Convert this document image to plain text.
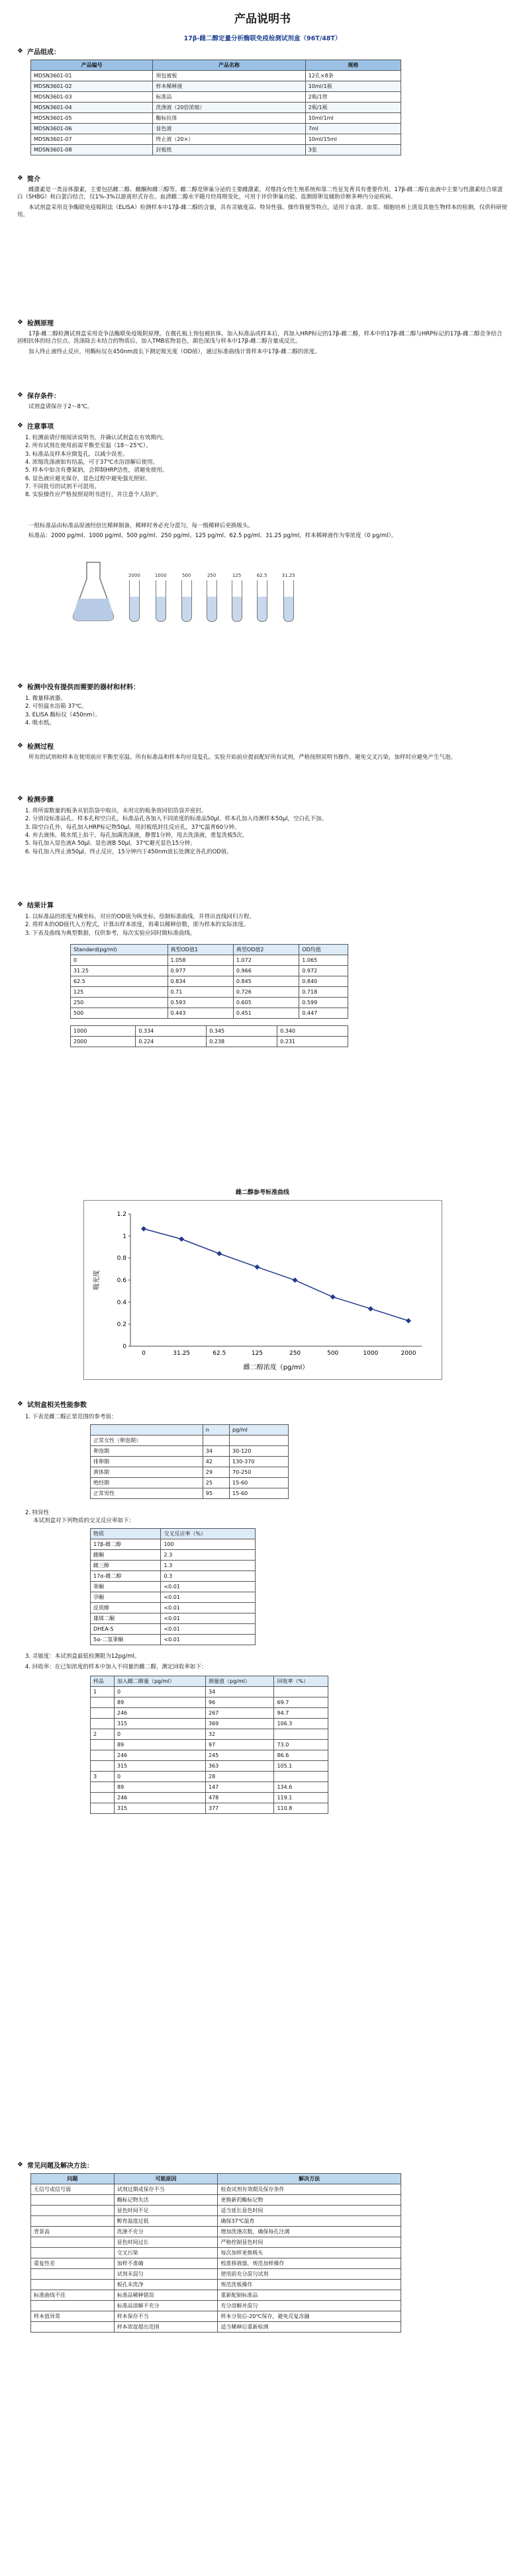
产品说明书
17β-雌二醇定量分析酶联免疫检测试剂盒（96T/48T）
❖ 产品组成：
产品编号	产品名称	规格
MDSN3601-01	预包被板	12孔×8条
MDSN3601-02	样本稀释液	10ml/1瓶
MDSN3601-03	标准品	2瓶/1管
MDSN3601-04	洗涤液（20倍浓缩）	2瓶/1瓶
MDSN3601-05	酶标抗体	10ml/1ml
MDSN3601-06	显色液	7ml
MDSN3601-07	终止液（20×）	10ml/15ml
MDSN3601-08	封板纸	3张
❖ 简介

雌激素是一类甾体激素，主要包括雌二醇、雌酮和雌三醇等。雌二醇是卵巢分泌的主要雌激素，对维持女性生殖系统和第二性征发育具有重要作用。17β-雌二醇在血液中主要与性激素结合球蛋白（SHBG）和白蛋白结合，仅1%-3%以游离形式存在。血清雌二醇水平随月经周期变化，可用于评价卵巢功能、监测排卵及辅助诊断多种内分泌疾病。

本试剂盒采用竞争酶联免疫吸附法（ELISA）检测样本中17β-雌二醇的含量，具有灵敏度高、特异性强、操作简便等特点，适用于血清、血浆、细胞培养上清及其他生物样本的检测，仅供科研使用。

❖ 检测原理

17β-雌二醇检测试剂盒采用竞争法酶联免疫吸附原理。在微孔板上预包被抗体，加入标准品或样本后，再加入HRP标记的17β-雌二醇，样本中的17β-雌二醇与HRP标记的17β-雌二醇竞争结合固相抗体的结合位点。洗涤除去未结合的物质后，加入TMB底物显色，颜色深浅与样本中17β-雌二醇含量成反比。

加入终止液终止反应，用酶标仪在450nm波长下测定吸光度（OD值），通过标准曲线计算样本中17β-雌二醇的浓度。

❖ 保存条件：

试剂盒请保存于2～8℃。

❖ 注意事项
1. 检测前请仔细阅读说明书，并确认试剂盒在有效期内。
2. 所有试剂在使用前需平衡至室温（18～25℃）。
3. 标准品及样本应做复孔，以减少误差。
4. 浓缩洗涤液如有结晶，可于37℃水浴溶解后使用。
5. 样本中如含有叠氮钠，会抑制HRP活性，请避免使用。
6. 显色液应避光保存，显色过程中避免强光照射。
7. 不同批号的试剂不可混用。
8. 实验操作应严格按照说明书进行，并注意个人防护。

一组标准品由标准品原液经倍比稀释制备，稀释时务必充分混匀，每一级稀释后更换吸头。

标准品：2000 pg/ml、1000 pg/ml、500 pg/ml、250 pg/ml、125 pg/ml、62.5 pg/ml、31.25 pg/ml，样本稀释液作为零浓度（0 pg/ml）。

2000	1000	500	250	125	62.5	31.25
❖ 检测中没有提供而需要的器材和材料：
1. 微量移液器。
2. 可恒温水浴箱 37℃。
3. ELISA 酶标仪（450nm）。
4. 吸水纸。
❖ 检测过程

所有的试剂和样本在使用前应平衡至室温。所有标准品和样本均应设复孔。实验开始前应提前配好所有试剂，严格按照说明书操作，避免交叉污染，加样时应避免产生气泡。

❖ 检测步骤
1. 将所需数量的板条从铝箔袋中取出，未用完的板条放回铝箔袋并密封。
2. 分别设标准品孔、样本孔和空白孔，标准品孔各加入不同浓度的标准品50μl，样本孔加入待测样本50μl，空白孔不加。
3. 除空白孔外，每孔加入HRP标记物50μl，用封板纸封住反应孔，37℃温育60分钟。
4. 弃去液体，吸水纸上拍干，每孔加满洗涤液，静置1分钟，甩去洗涤液，重复洗板5次。
5. 每孔加入显色液A 50μl、显色液B 50μl，37℃避光显色15分钟。
6. 每孔加入终止液50μl，终止反应，15分钟内于450nm波长处测定各孔的OD值。
❖ 结果计算
1. 以标准品的浓度为横坐标，对应的OD值为纵坐标，绘制标准曲线，并得出直线回归方程。
2. 将样本的OD值代入方程式，计算出样本浓度，再乘以稀释倍数，即为样本的实际浓度。
3. 下表及曲线为典型数据，仅供参考，每次实验应同时做标准曲线。
Standard(pg/ml)	典型OD值1	典型OD值2	OD均值
0	1.058	1.072	1.065
31.25	0.977	0.966	0.972
62.5	0.834	0.845	0.840
125	0.71	0.726	0.718
250	0.593	0.605	0.599
500	0.443	0.451	0.447
1000	0.334	0.345	0.340
2000	0.224	0.238	0.231
雌二醇参考标准曲线
0
0.2
0.4
0.6
0.8
1
1.2
0	31.25	62.5	125	250	500	1000	2000
雌二醇浓度（pg/ml）
吸光度
❖ 试剂盒相关性能参数
1. 下表是雌二醇正常范围的参考值：
	n	pg/ml
正常女性（卵泡期）		
卵泡期	34	30-120
排卵期	42	130-370
黄体期	29	70-250
绝经期	25	15-60
正常男性	95	15-60
2. 特异性
本试剂盒对下列物质的交叉反应率如下：
物质	交叉反应率（%）
17β-雌二醇	100
雌酮	2.3
雌三醇	1.3
17α-雌二醇	0.3
睾酮	<0.01
孕酮	<0.01
皮质醇	<0.01
雄烯二酮	<0.01
DHEA-S	<0.01
5α-二氢睾酮	<0.01
3. 灵敏度：本试剂盒最低检测限为12pg/ml。
4. 回收率：在已知浓度的样本中加入不同量的雌二醇，测定回收率如下：
样品	加入雌二醇量（pg/ml）	测量值（pg/ml）	回收率（%）
1	0	34	
	89	96	69.7
	246	267	94.7
	315	369	106.3
2	0	32	
	89	97	73.0
	246	245	86.6
	315	363	105.1
3	0	28	
	89	147	134.6
	246	478	119.1
	315	377	110.8
❖ 常见问题及解决方法：
问题	可能原因	解决方法
无信号或信号弱	试剂过期或保存不当	检查试剂有效期及保存条件
	酶标记物失活	更换新的酶标记物
	显色时间不足	适当延长显色时间
	孵育温度过低	确保37℃温育
背景高	洗涤不充分	增加洗涤次数，确保每孔注满
	显色时间过长	严格控制显色时间
	交叉污染	每次加样更换吸头
重复性差	加样不准确	校准移液器，规范加样操作
	试剂未混匀	使用前充分混匀试剂
	板孔未洗净	规范洗板操作
标准曲线不佳	标准品稀释错误	重新配制标准品
	标准品溶解不充分	充分溶解并混匀
样本值异常	样本保存不当	样本分装后-20℃保存，避免反复冻融
	样本浓度超出范围	适当稀释后重新检测
